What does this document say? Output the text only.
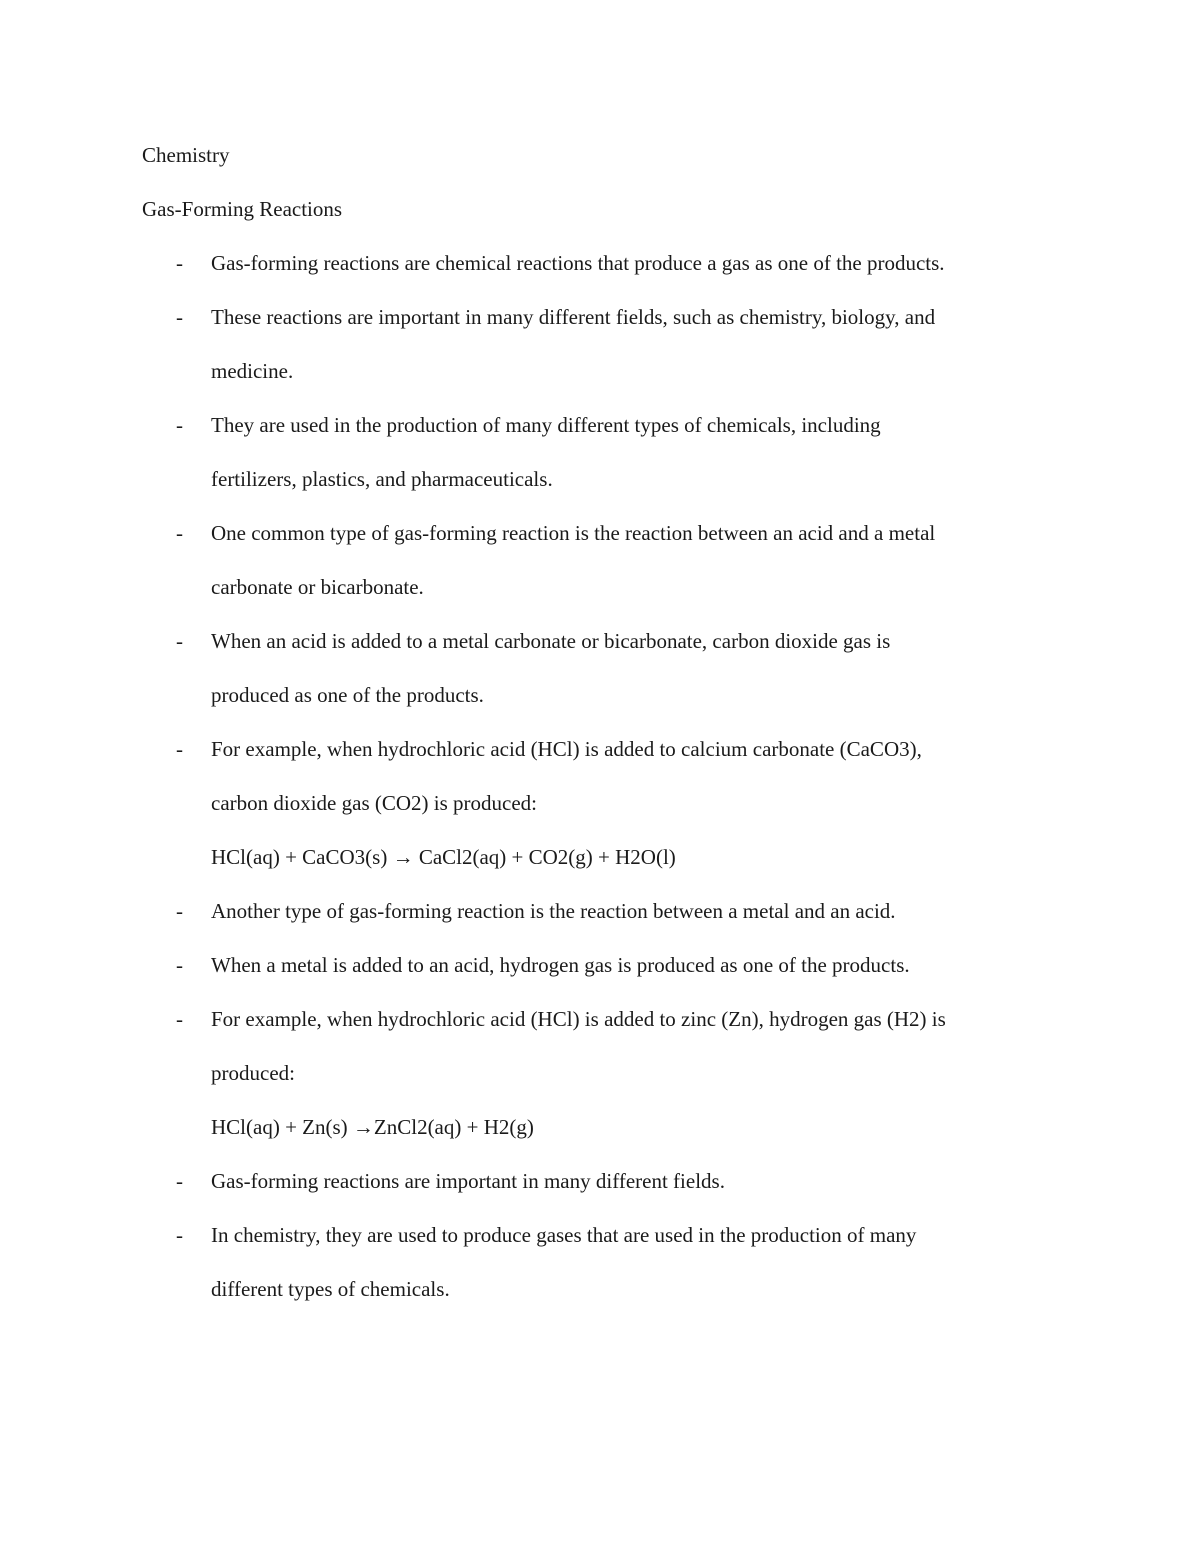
Chemistry

Gas-Forming Reactions

- Gas-forming reactions are chemical reactions that produce a gas as one of the products.
- These reactions are important in many different fields, such as chemistry, biology, and
medicine.
- They are used in the production of many different types of chemicals, including
fertilizers, plastics, and pharmaceuticals.
- One common type of gas-forming reaction is the reaction between an acid and a metal
carbonate or bicarbonate.
- When an acid is added to a metal carbonate or bicarbonate, carbon dioxide gas is
produced as one of the products.
- For example, when hydrochloric acid (HCl) is added to calcium carbonate (CaCO3),
carbon dioxide gas (CO2) is produced:
HCl(aq) + CaCO3(s) → CaCl2(aq) + CO2(g) + H2O(l)
- Another type of gas-forming reaction is the reaction between a metal and an acid.
- When a metal is added to an acid, hydrogen gas is produced as one of the products.
- For example, when hydrochloric acid (HCl) is added to zinc (Zn), hydrogen gas (H2) is
produced:
HCl(aq) + Zn(s) →ZnCl2(aq) + H2(g)
- Gas-forming reactions are important in many different fields.
- In chemistry, they are used to produce gases that are used in the production of many
different types of chemicals.
